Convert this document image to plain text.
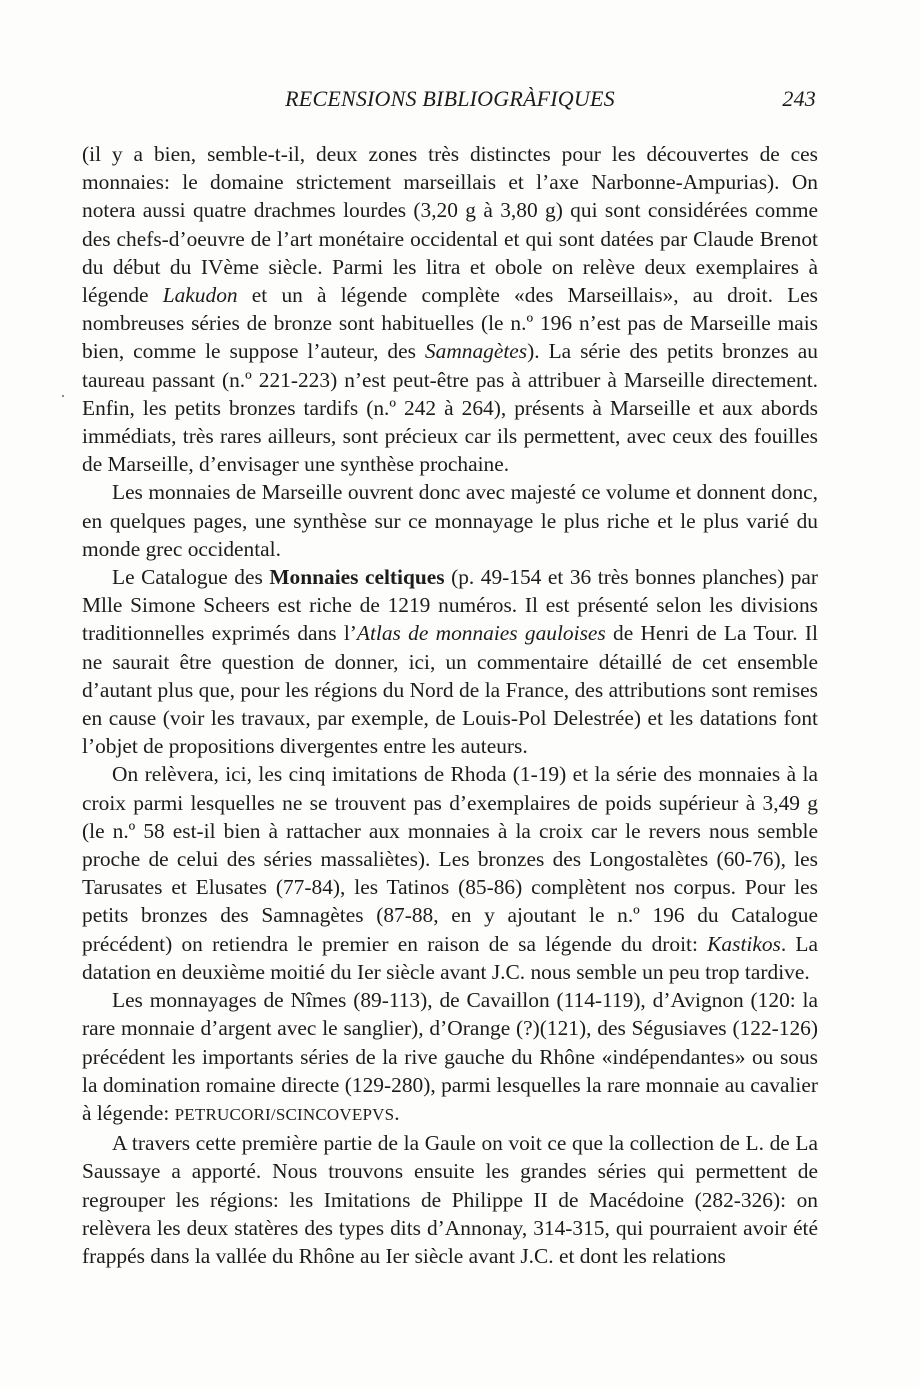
RECENSIONS BIBLIOGRÀFIQUES	243

(il y a bien, semble-t-il, deux zones très distinctes pour les découvertes de ces monnaies: le domaine strictement marseillais et l’axe Narbonne-Ampurias). On notera aussi quatre drachmes lourdes (3,20 g à 3,80 g) qui sont considérées comme des chefs-d’oeuvre de l’art monétaire occidental et qui sont datées par Claude Brenot du début du IVème siècle. Parmi les litra et obole on relève deux exemplaires à légende Lakudon et un à légende complète «des Marseillais», au droit. Les nombreuses séries de bronze sont habituelles (le n.º 196 n’est pas de Marseille mais bien, comme le suppose l’auteur, des Samnagètes). La série des petits bronzes au taureau passant (n.º 221-223) n’est peut-être pas à attribuer à Marseille directement. Enfin, les petits bronzes tardifs (n.º 242 à 264), présents à Marseille et aux abords immédiats, très rares ailleurs, sont précieux car ils permettent, avec ceux des fouilles de Marseille, d’envisager une synthèse prochaine.

Les monnaies de Marseille ouvrent donc avec majesté ce volume et donnent donc, en quelques pages, une synthèse sur ce monnayage le plus riche et le plus varié du monde grec occidental.

Le Catalogue des Monnaies celtiques (p. 49-154 et 36 très bonnes planches) par Mlle Simone Scheers est riche de 1219 numéros. Il est présenté selon les divisions traditionnelles exprimés dans l’Atlas de monnaies gauloises de Henri de La Tour. Il ne saurait être question de donner, ici, un commentaire détaillé de cet ensemble d’autant plus que, pour les régions du Nord de la France, des attributions sont remises en cause (voir les travaux, par exemple, de Louis-Pol Delestrée) et les datations font l’objet de propositions divergentes entre les auteurs.

On relèvera, ici, les cinq imitations de Rhoda (1-19) et la série des monnaies à la croix parmi lesquelles ne se trouvent pas d’exemplaires de poids supérieur à 3,49 g (le n.º 58 est-il bien à rattacher aux monnaies à la croix car le revers nous semble proche de celui des séries massaliètes). Les bronzes des Longostalètes (60-76), les Tarusates et Elusates (77-84), les Tatinos (85-86) complètent nos corpus. Pour les petits bronzes des Samnagètes (87-88, en y ajoutant le n.º 196 du Catalogue précédent) on retiendra le premier en raison de sa légende du droit: Kastikos. La datation en deuxième moitié du Ier siècle avant J.C. nous semble un peu trop tardive.

Les monnayages de Nîmes (89-113), de Cavaillon (114-119), d’Avignon (120: la rare monnaie d’argent avec le sanglier), d’Orange (?)(121), des Ségusiaves (122-126) précédent les importants séries de la rive gauche du Rhône «indépendantes» ou sous la domination romaine directe (129-280), parmi lesquelles la rare monnaie au cavalier à légende: PETRUCORI/SCINCOVEPVS.

A travers cette première partie de la Gaule on voit ce que la collection de L. de La Saussaye a apporté. Nous trouvons ensuite les grandes séries qui permettent de regrouper les régions: les Imitations de Philippe II de Macédoine (282-326): on relèvera les deux statères des types dits d’Annonay, 314-315, qui pourraient avoir été frappés dans la vallée du Rhône au Ier siècle avant J.C. et dont les relations
